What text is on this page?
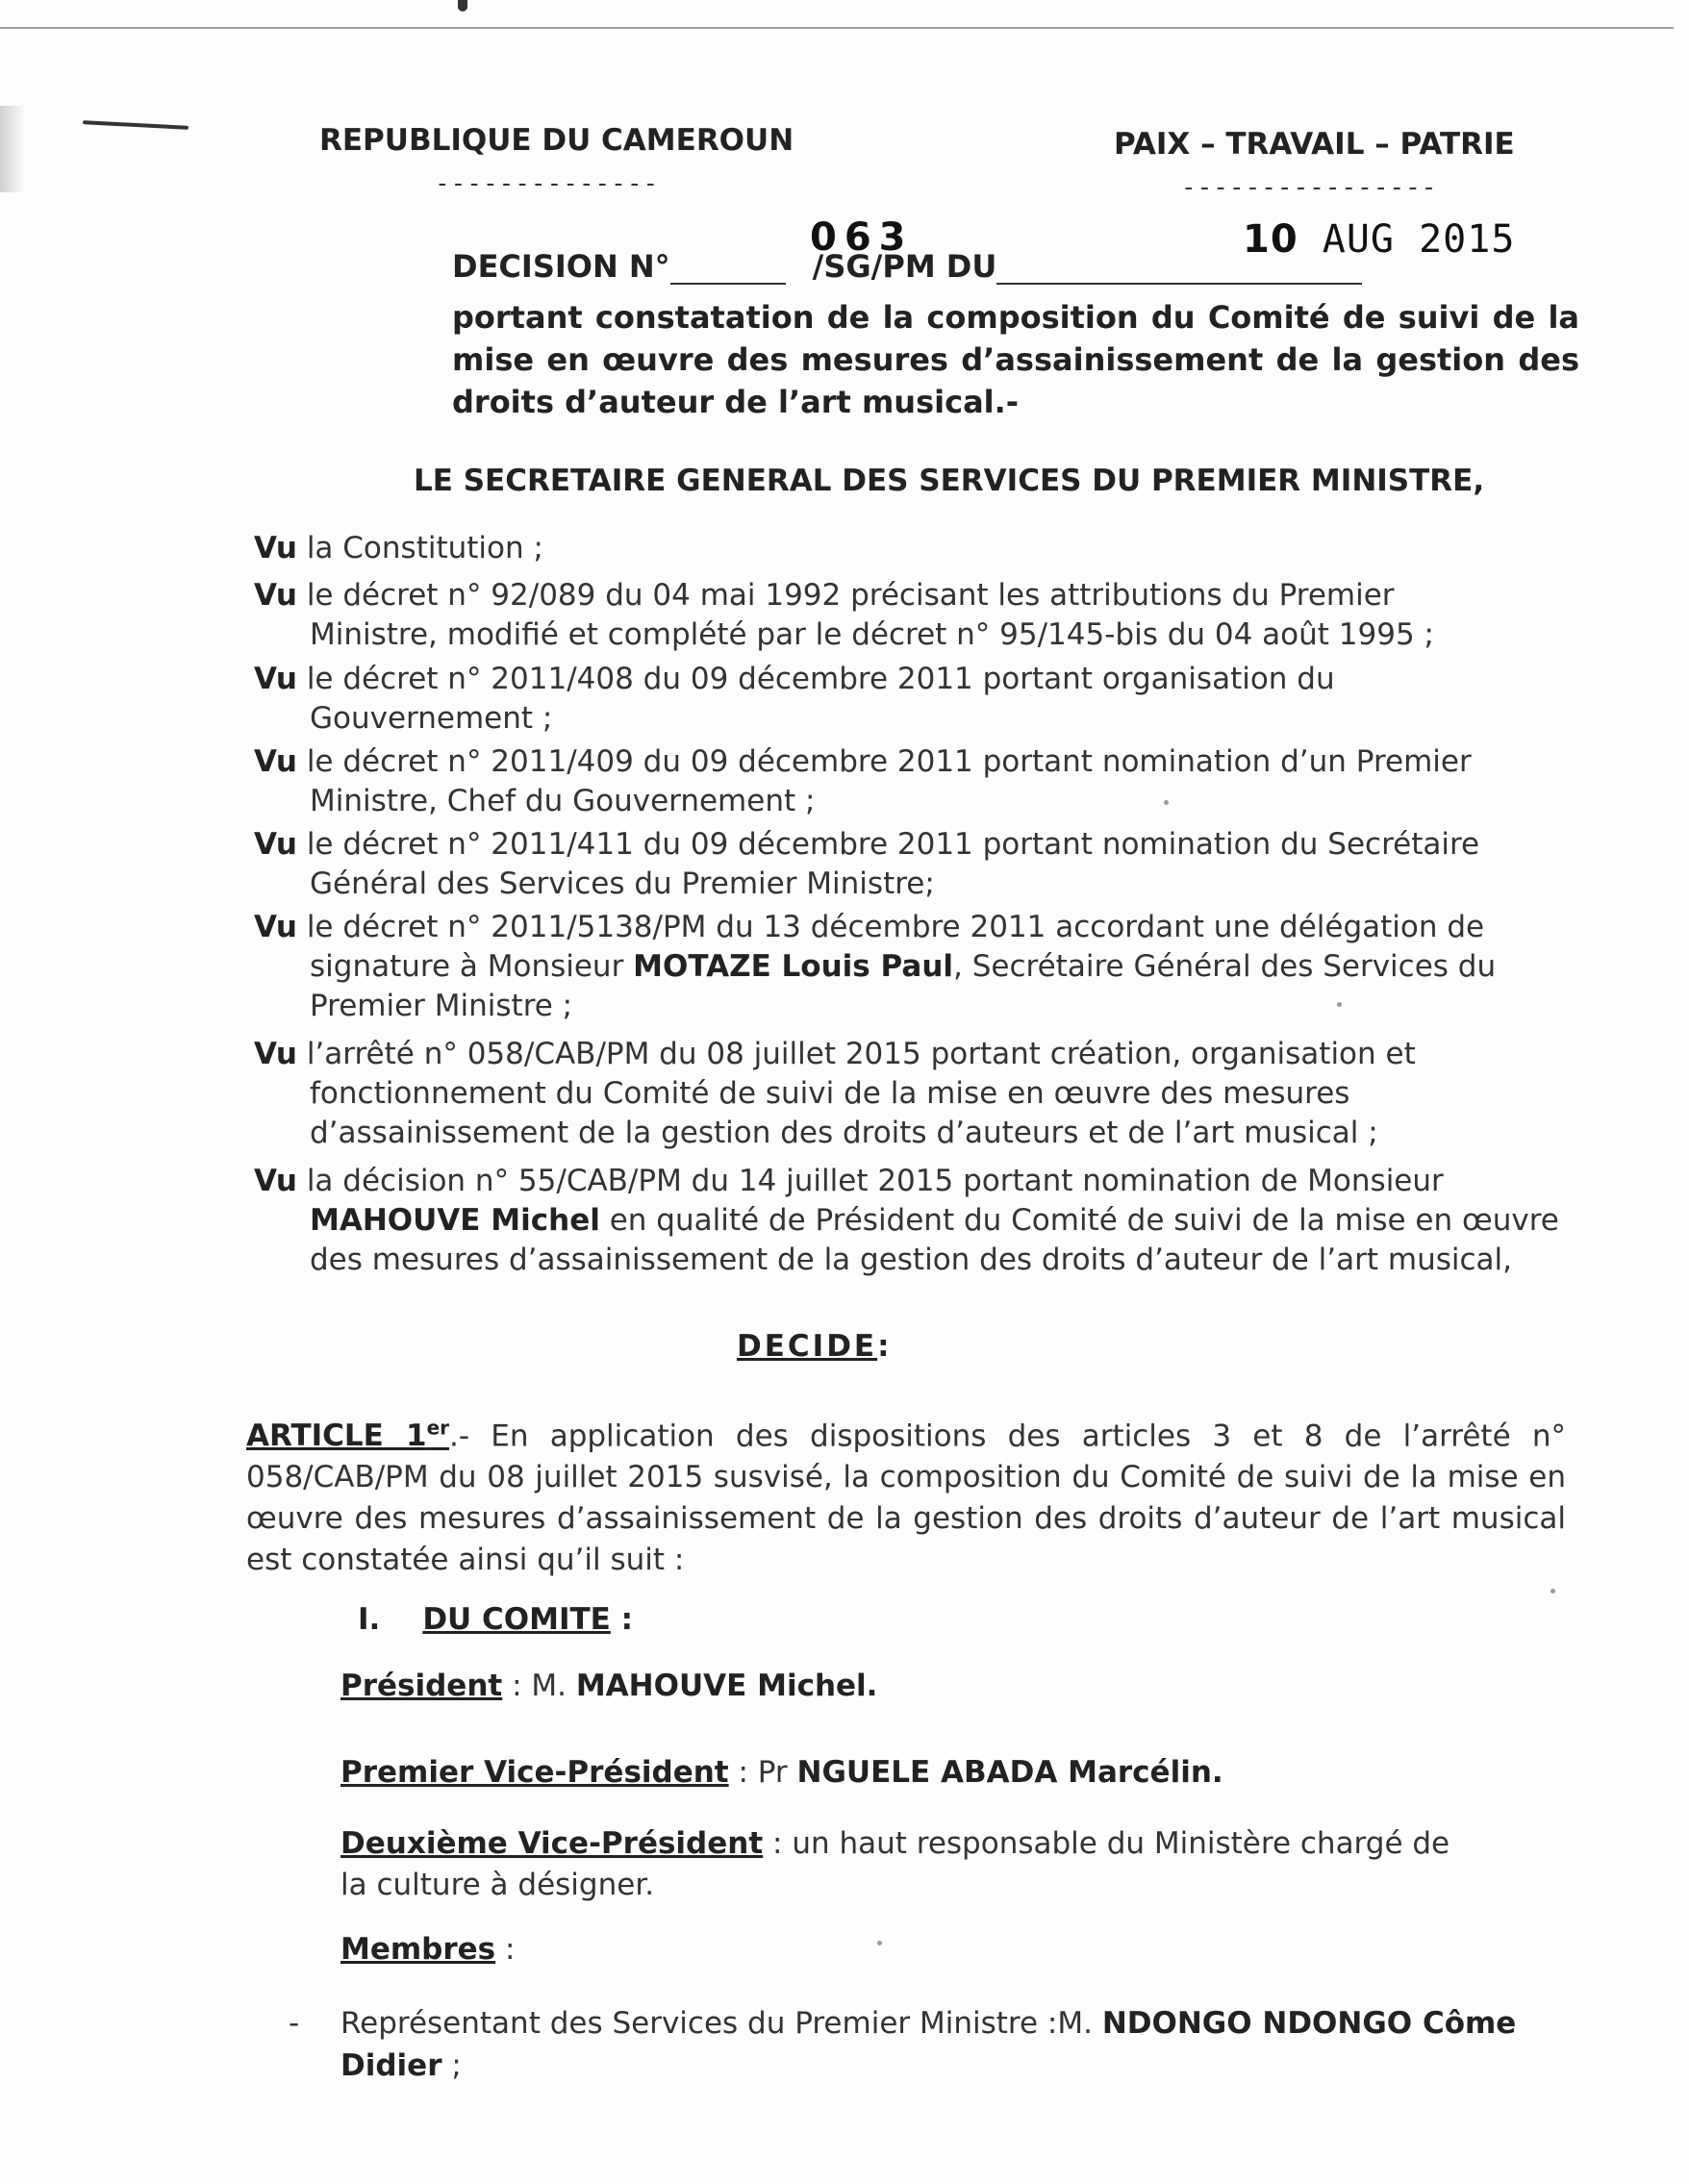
REPUBLIQUE DU CAMEROUN
--------------
PAIX – TRAVAIL – PATRIE
----------------
DECISION N°	/SG/PM DU
063	10 AUG 2015
portant constatation de la composition du Comité de suivi de la mise en œuvre des mesures d’assainissement de la gestion des droits d’auteur de l’art musical.-
LE SECRETAIRE GENERAL DES SERVICES DU PREMIER MINISTRE,
Vu la Constitution ;
Vu le décret n° 92/089 du 04 mai 1992 précisant les attributions du Premier
Ministre, modifié et complété par le décret n° 95/145-bis du 04 août 1995 ;
Vu le décret n° 2011/408 du 09 décembre 2011 portant organisation du
Gouvernement ;
Vu le décret n° 2011/409 du 09 décembre 2011 portant nomination d’un Premier
Ministre, Chef du Gouvernement ;
Vu le décret n° 2011/411 du 09 décembre 2011 portant nomination du Secrétaire
Général des Services du Premier Ministre;
Vu le décret n° 2011/5138/PM du 13 décembre 2011 accordant une délégation de
signature à Monsieur MOTAZE Louis Paul, Secrétaire Général des Services du
Premier Ministre ;
Vu l’arrêté n° 058/CAB/PM du 08 juillet 2015 portant création, organisation et
fonctionnement du Comité de suivi de la mise en œuvre des mesures
d’assainissement de la gestion des droits d’auteurs et de l’art musical ;
Vu la décision n° 55/CAB/PM du 14 juillet 2015 portant nomination de Monsieur
MAHOUVE Michel en qualité de Président du Comité de suivi de la mise en œuvre
des mesures d’assainissement de la gestion des droits d’auteur de l’art musical,
DECIDE:
ARTICLE 1er.- En application des dispositions des articles 3 et 8 de l’arrêté n° 058/CAB/PM du 08 juillet 2015 susvisé, la composition du Comité de suivi de la mise en œuvre des mesures d’assainissement de la gestion des droits d’auteur de l’art musical est constatée ainsi qu’il suit :
I. DU COMITE :
Président : M. MAHOUVE Michel.
Premier Vice-Président : Pr NGUELE ABADA Marcélin.
Deuxième Vice-Président : un haut responsable du Ministère chargé de
la culture à désigner.
Membres :
- Représentant des Services du Premier Ministre :M. NDONGO NDONGO Côme
Didier ;
